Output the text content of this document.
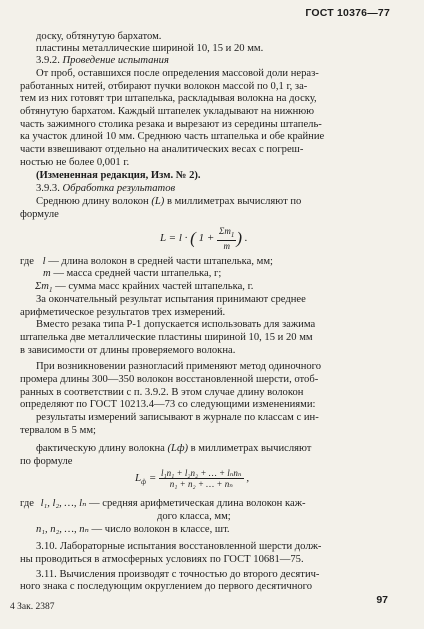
ГОСТ 10376—77
доску, обтянутую бархатом.
пластины металлические шириной 10, 15 и 20 мм.
3.9.2. Проведение испытания
От проб, оставшихся после определения массовой доли нераз-
работанных нитей, отбирают пучки волокон массой по 0,1 г, за-
тем из них готовят три штапелька, раскладывая волокна на доску,
обтянутую бархатом. Каждый штапелек укладывают на нижнюю
часть зажимного столика резака и вырезают из середины штапель-
ка участок длиной 10 мм. Среднюю часть штапелька и обе крайние
части взвешивают отдельно на аналитических весах с погреш-
ностью не более 0,001 г.
(Измененная редакция, Изм. № 2).
3.9.3. Обработка результатов
Среднюю длину волокон (L) в миллиметрах вычисляют по
формуле
L = l · ( $1 + \frac{\Sigma m_1}{m}$ ) .
где l — длина волокон в средней части штапелька, мм;
m — масса средней части штапелька, г;
$\Sigma m_1$ — сумма масс крайних частей штапелька, г.
За окончательный результат испытания принимают среднее
арифметическое результатов трех измерений.
Вместо резака типа Р-1 допускается использовать для зажима
штапелька две металлические пластины шириной 10, 15 и 20 мм
в зависимости от длины проверяемого волокна.
При возникновении разногласий применяют метод одиночного
промера длины 300—350 волокон восстановленной шерсти, отоб-
ранных в соответствии с п. 3.9.2. В этом случае длину волокон
определяют по ГОСТ 10213.4—73 со следующими изменениями:
результаты измерений записывают в журнале по классам с ин-
тервалом в 5 мм;
фактическую длину волокна (Lф) в миллиметрах вычисляют
по формуле
$L_ф = \frac{\text{l₁n₁ + l₂n₂ + … + lₙnₙ}}{\text{n₁ + n₂ + … + nₙ}}$ ,
где l₁, l₂, …, lₙ — средняя арифметическая длина волокон каж-
дого класса, мм;
n₁, n₂, …, nₙ — число волокон в классе, шт.
3.10. Лабораторные испытания восстановленной шерсти долж-
ны проводиться в атмосферных условиях по ГОСТ 10681—75.
3.11. Вычисления производят с точностью до второго десятич-
ного знака с последующим округлением до первого десятичного
97
4 Зак. 2387
